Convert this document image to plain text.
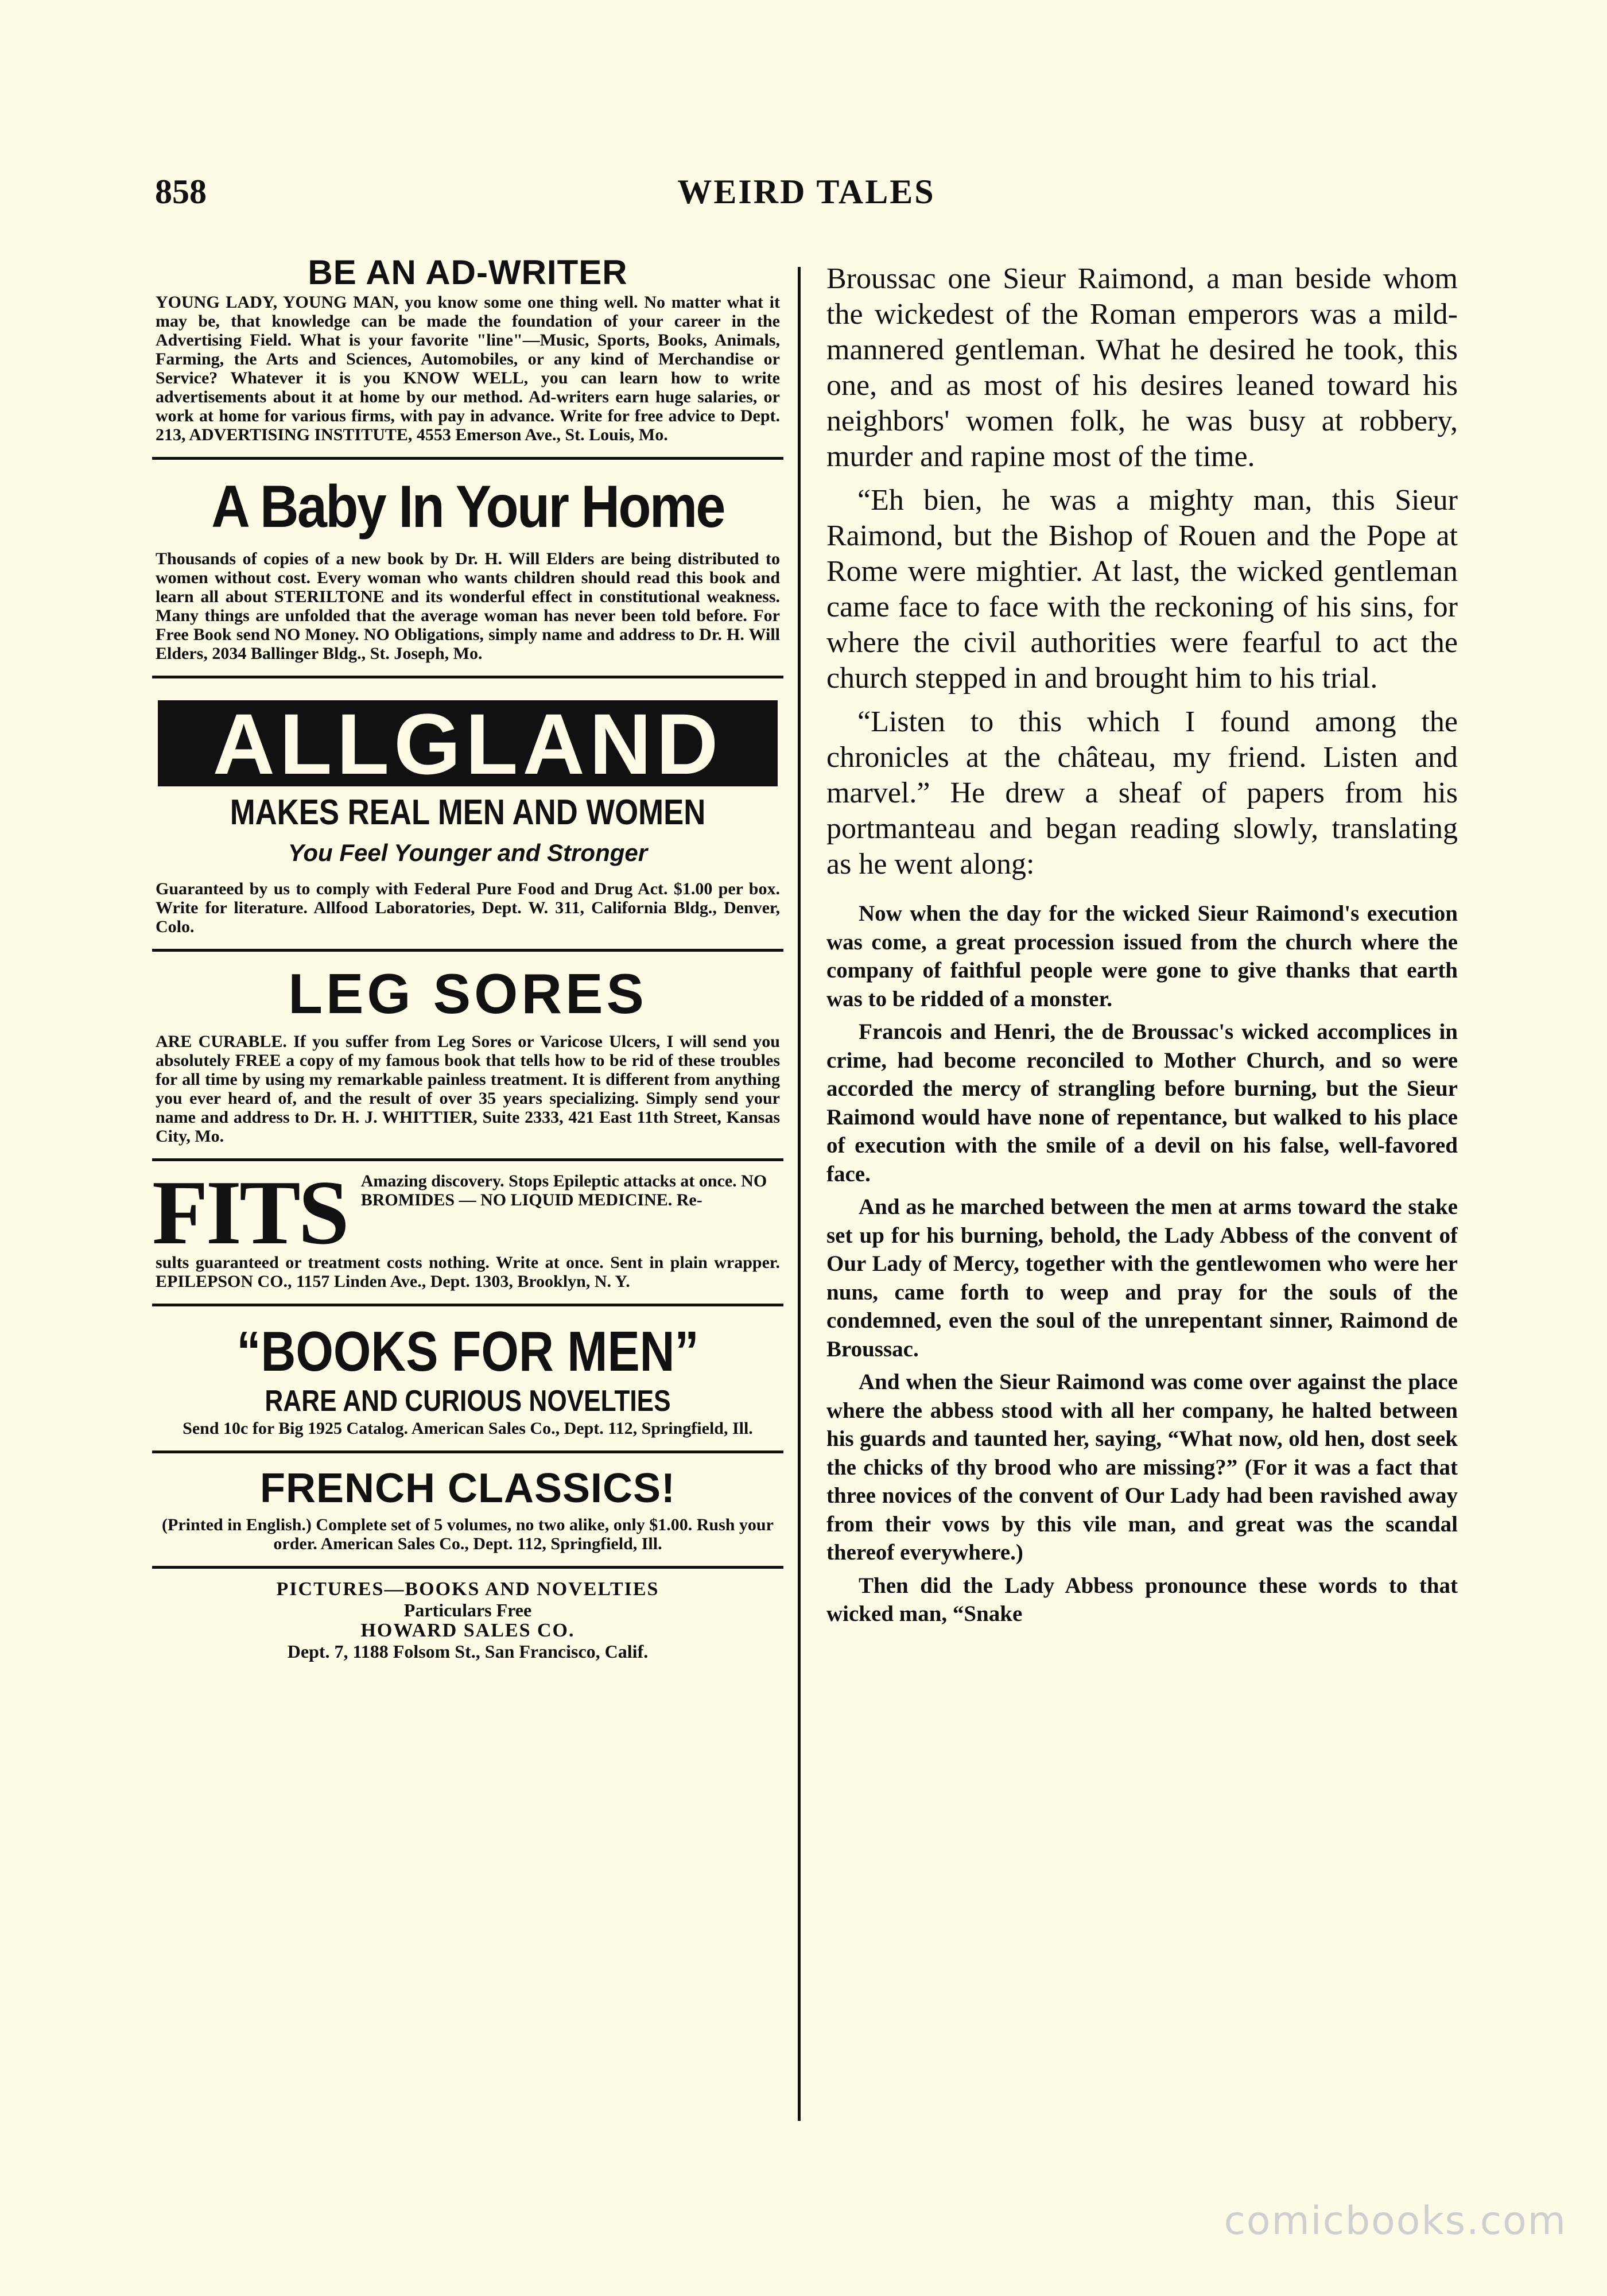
858	WEIRD TALES

BE AN AD-WRITER

YOUNG LADY, YOUNG MAN, you know some one thing well. No matter what it may be, that knowledge can be made the foundation of your career in the Advertising Field. What is your favorite "line"—Music, Sports, Books, Animals, Farming, the Arts and Sciences, Automobiles, or any kind of Merchandise or Service? Whatever it is you KNOW WELL, you can learn how to write advertisements about it at home by our method. Ad-writers earn huge salaries, or work at home for various firms, with pay in advance. Write for free advice to Dept. 213, ADVERTISING INSTITUTE, 4553 Emerson Ave., St. Louis, Mo.

A Baby In Your Home

Thousands of copies of a new book by Dr. H. Will Elders are being distributed to women without cost. Every woman who wants children should read this book and learn all about STERILTONE and its wonderful effect in constitutional weakness. Many things are unfolded that the average woman has never been told before. For Free Book send NO Money. NO Obligations, simply name and address to Dr. H. Will Elders, 2034 Ballinger Bldg., St. Joseph, Mo.

ALLGLAND

MAKES REAL MEN AND WOMEN

You Feel Younger and Stronger

Guaranteed by us to comply with Federal Pure Food and Drug Act. $1.00 per box. Write for literature. Allfood Laboratories, Dept. W. 311, California Bldg., Denver, Colo.

LEG SORES

ARE CURABLE. If you suffer from Leg Sores or Varicose Ulcers, I will send you absolutely FREE a copy of my famous book that tells how to be rid of these troubles for all time by using my remarkable painless treatment. It is different from anything you ever heard of, and the result of over 35 years specializing. Simply send your name and address to Dr. H. J. WHITTIER, Suite 2333, 421 East 11th Street, Kansas City, Mo.

FITS Amazing discovery. Stops Epileptic attacks at once. NO BROMIDES — NO LIQUID MEDICINE. Re-

sults guaranteed or treatment costs nothing. Write at once. Sent in plain wrapper. EPILEPSON CO., 1157 Linden Ave., Dept. 1303, Brooklyn, N. Y.

“BOOKS FOR MEN”

RARE AND CURIOUS NOVELTIES

Send 10c for Big 1925 Catalog. American Sales Co., Dept. 112, Springfield, Ill.

FRENCH CLASSICS!

(Printed in English.) Complete set of 5 volumes, no two alike, only $1.00. Rush your order. American Sales Co., Dept. 112, Springfield, Ill.

PICTURES—BOOKS AND NOVELTIES

Particulars Free

HOWARD SALES CO.

Dept. 7, 1188 Folsom St., San Francisco, Calif.

Broussac one Sieur Raimond, a man beside whom the wickedest of the Roman emperors was a mild-mannered gentleman. What he desired he took, this one, and as most of his desires leaned toward his neighbors' women folk, he was busy at robbery, murder and rapine most of the time.

“Eh bien, he was a mighty man, this Sieur Raimond, but the Bishop of Rouen and the Pope at Rome were mightier. At last, the wicked gentleman came face to face with the reckoning of his sins, for where the civil authorities were fearful to act the church stepped in and brought him to his trial.

“Listen to this which I found among the chronicles at the château, my friend. Listen and marvel.” He drew a sheaf of papers from his portmanteau and began reading slowly, translating as he went along:

Now when the day for the wicked Sieur Raimond's execution was come, a great procession issued from the church where the company of faithful people were gone to give thanks that earth was to be ridded of a monster.

Francois and Henri, the de Broussac's wicked accomplices in crime, had become reconciled to Mother Church, and so were accorded the mercy of strangling before burning, but the Sieur Raimond would have none of repentance, but walked to his place of execution with the smile of a devil on his false, well-favored face.

And as he marched between the men at arms toward the stake set up for his burning, behold, the Lady Abbess of the convent of Our Lady of Mercy, together with the gentlewomen who were her nuns, came forth to weep and pray for the souls of the condemned, even the soul of the unrepentant sinner, Raimond de Broussac.

And when the Sieur Raimond was come over against the place where the abbess stood with all her company, he halted between his guards and taunted her, saying, “What now, old hen, dost seek the chicks of thy brood who are missing?” (For it was a fact that three novices of the convent of Our Lady had been ravished away from their vows by this vile man, and great was the scandal thereof everywhere.)

Then did the Lady Abbess pronounce these words to that wicked man, “Snake

comicbooks.com
